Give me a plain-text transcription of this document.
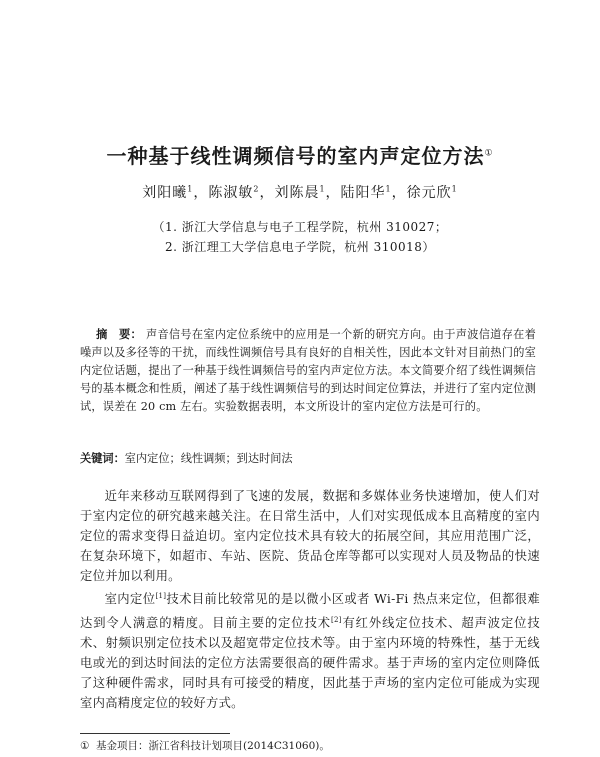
一种基于线性调频信号的室内声定位方法①
刘阳曦$^1$，陈淑敏$^2$，刘陈晨$^1$，陆阳华$^1$，徐元欣$^1$
（1. 浙江大学信息与电子工程学院，杭州 310027；
2. 浙江理工大学信息电子学院，杭州 310018）
摘　要： 声音信号在室内定位系统中的应用是一个新的研究方向。由于声波信道存在着噪声以及多径等的干扰，而线性调频信号具有良好的自相关性，因此本文针对目前热门的室内定位话题，提出了一种基于线性调频信号的室内声定位方法。本文简要介绍了线性调频信号的基本概念和性质，阐述了基于线性调频信号的到达时间定位算法，并进行了室内定位测试，误差在 20 cm 左右。实验数据表明，本文所设计的室内定位方法是可行的。
关键词：室内定位；线性调频；到达时间法

近年来移动互联网得到了飞速的发展，数据和多媒体业务快速增加，使人们对于室内定位的研究越来越关注。在日常生活中，人们对实现低成本且高精度的室内定位的需求变得日益迫切。室内定位技术具有较大的拓展空间，其应用范围广泛，在复杂环境下，如超市、车站、医院、货品仓库等都可以实现对人员及物品的快速定位并加以利用。

室内定位[1]技术目前比较常见的是以微小区或者 Wi-Fi 热点来定位，但都很难达到令人满意的精度。目前主要的定位技术[2]有红外线定位技术、超声波定位技术、射频识别定位技术以及超宽带定位技术等。由于室内环境的特殊性，基于无线电或光的到达时间法的定位方法需要很高的硬件需求。基于声场的室内定位则降低了这种硬件需求，同时具有可接受的精度，因此基于声场的室内定位可能成为实现室内高精度定位的较好方式。

① 基金项目：浙江省科技计划项目(2014C31060)。
